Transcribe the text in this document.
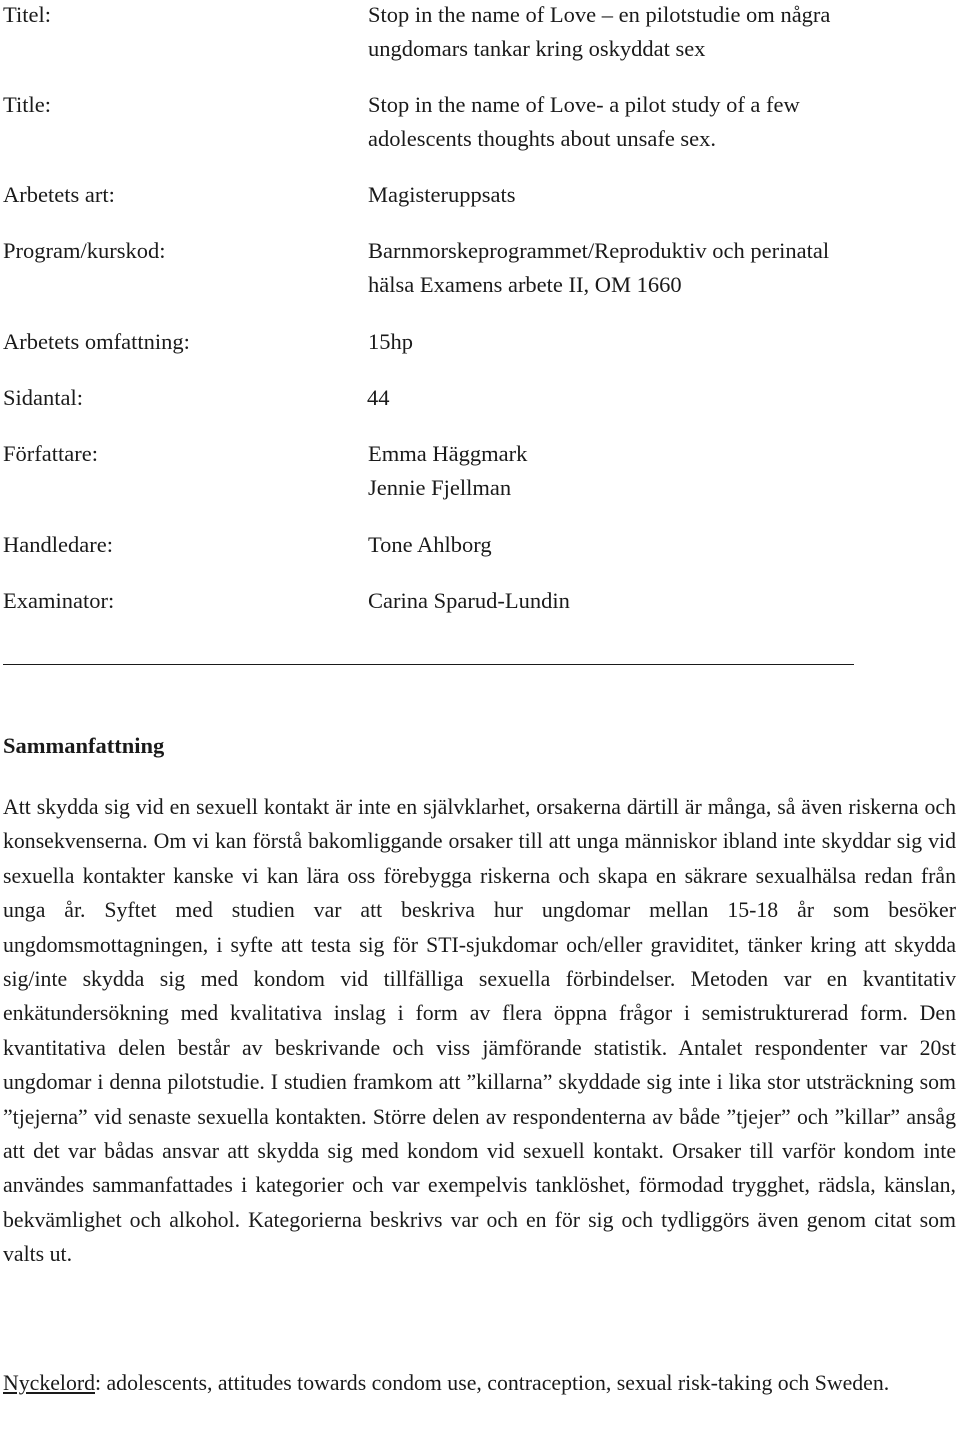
Titel:	Stop in the name of Love – en pilotstudie om några
ungdomars tankar kring oskyddat sex
Title:	Stop in the name of Love- a pilot study of a few
adolescents thoughts about unsafe sex.
Arbetets art:	Magisteruppsats
Program/kurskod:	Barnmorskeprogrammet/Reproduktiv och perinatal
hälsa Examens arbete II, OM 1660
Arbetets omfattning:	15hp
Sidantal:	44
Författare:	Emma Häggmark
Jennie Fjellman
Handledare:	Tone Ahlborg
Examinator:	Carina Sparud-Lundin
Sammanfattning

Att skydda sig vid en sexuell kontakt är inte en självklarhet, orsakerna därtill är många, så även riskerna och konsekvenserna. Om vi kan förstå bakomliggande orsaker till att unga människor ibland inte skyddar sig vid sexuella kontakter kanske vi kan lära oss förebygga riskerna och skapa en säkrare sexualhälsa redan från unga år. Syftet med studien var att beskriva hur ungdomar mellan 15-18 år som besöker ungdomsmottagningen, i syfte att testa sig för STI-sjukdomar och/eller graviditet, tänker kring att skydda sig/inte skydda sig med kondom vid tillfälliga sexuella förbindelser. Metoden var en kvantitativ enkätundersökning med kvalitativa inslag i form av flera öppna frågor i semistrukturerad form. Den kvantitativa delen består av beskrivande och viss jämförande statistik. Antalet respondenter var 20st ungdomar i denna pilotstudie. I studien framkom att ”killarna” skyddade sig inte i lika stor utsträckning som ”tjejerna” vid senaste sexuella kontakten. Större delen av respondenterna av både ”tjejer” och ”killar” ansåg att det var bådas ansvar att skydda sig med kondom vid sexuell kontakt. Orsaker till varför kondom inte användes sammanfattades i kategorier och var exempelvis tanklöshet, förmodad trygghet, rädsla, känslan, bekvämlighet och alkohol. Kategorierna beskrivs var och en för sig och tydliggörs även genom citat som valts ut.

Nyckelord: adolescents, attitudes towards condom use, contraception, sexual risk-taking och Sweden.
